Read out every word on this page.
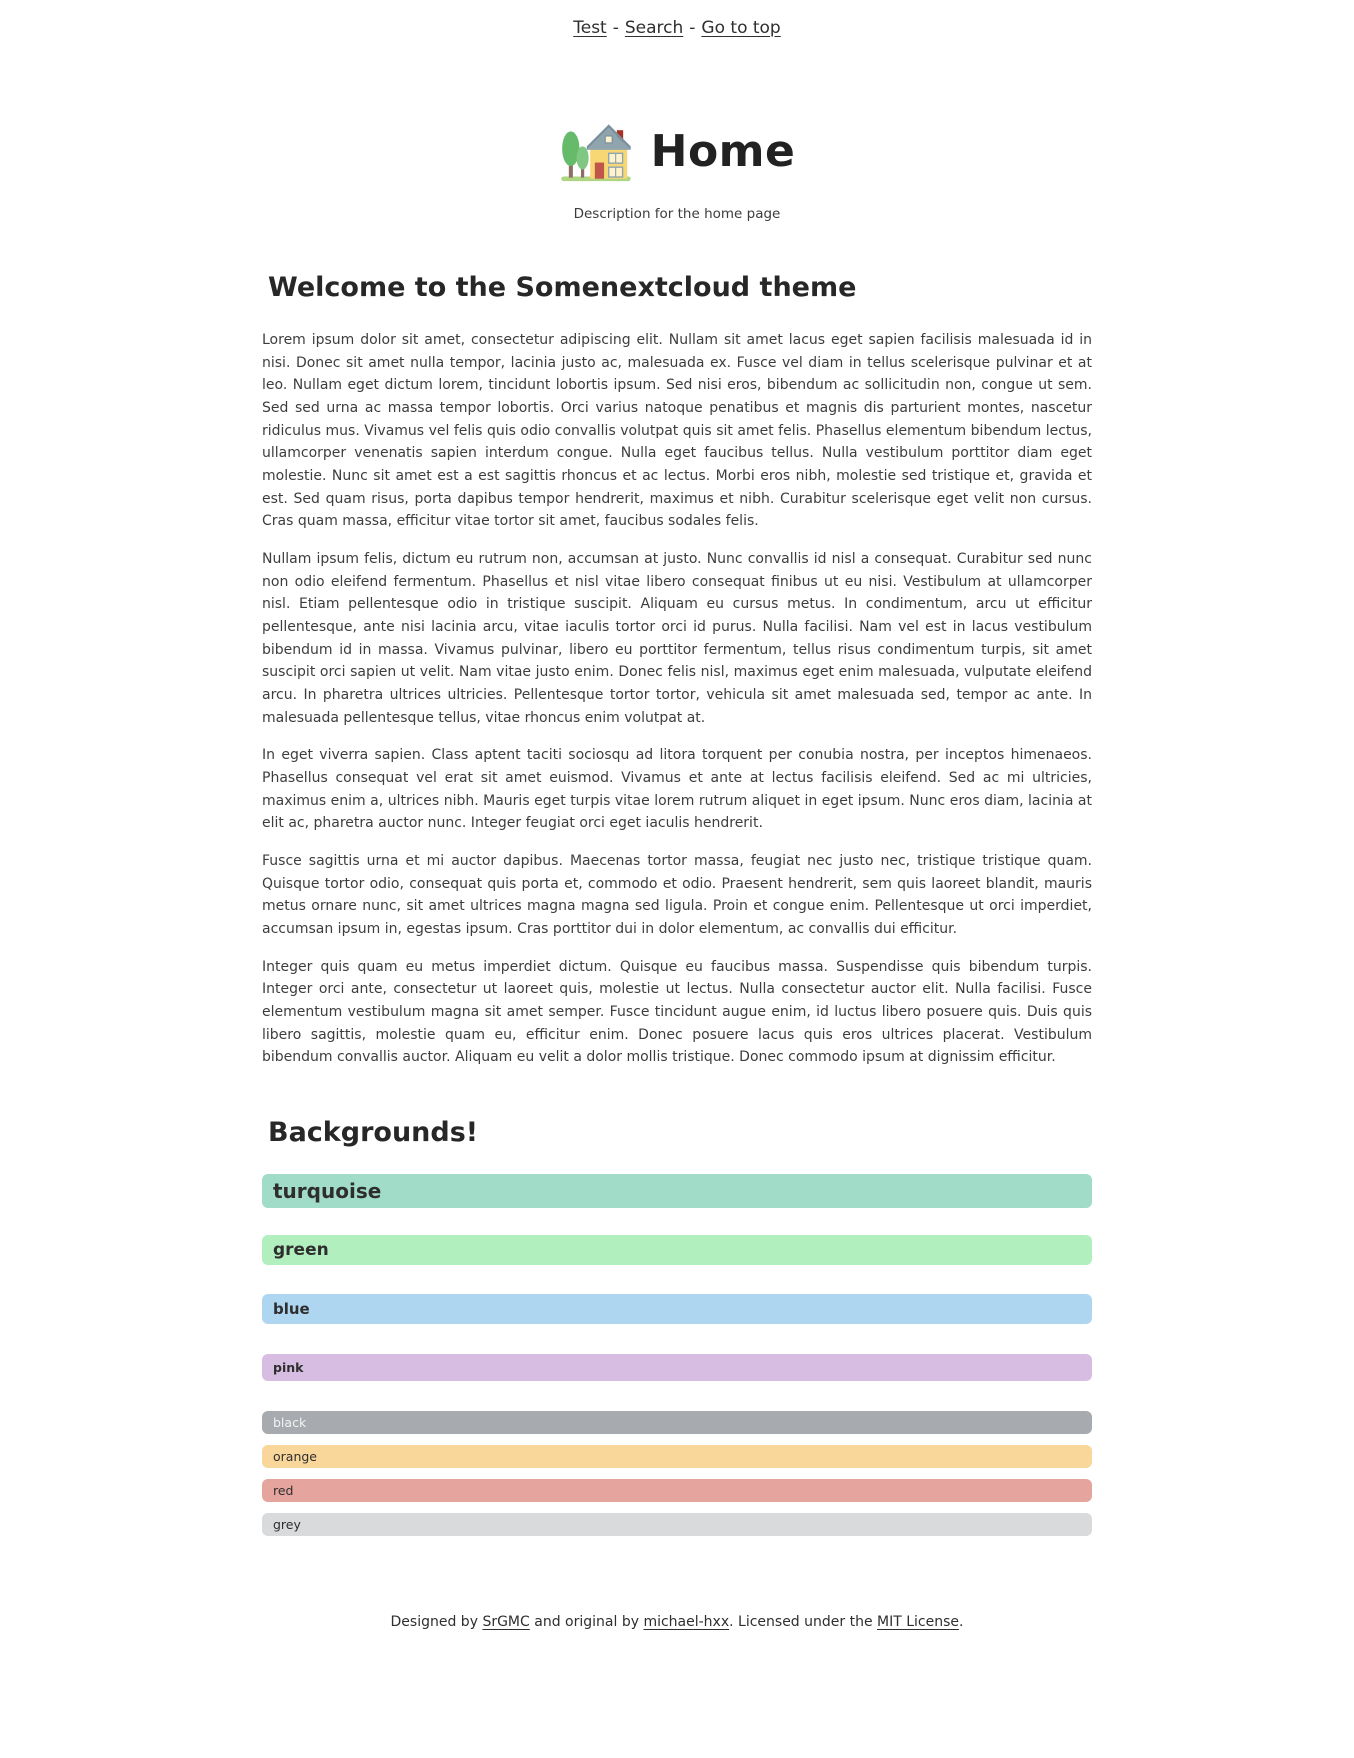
Test - Search - Go to top
Home

Description for the home page

Welcome to the Somenextcloud theme

Lorem ipsum dolor sit amet, consectetur adipiscing elit. Nullam sit amet lacus eget sapien facilisis malesuada id in nisi. Donec sit amet nulla tempor, lacinia justo ac, malesuada ex. Fusce vel diam in tellus scelerisque pulvinar et at leo. Nullam eget dictum lorem, tincidunt lobortis ipsum. Sed nisi eros, bibendum ac sollicitudin non, congue ut sem. Sed sed urna ac massa tempor lobortis. Orci varius natoque penatibus et magnis dis parturient montes, nascetur ridiculus mus. Vivamus vel felis quis odio convallis volutpat quis sit amet felis. Phasellus elementum bibendum lectus, ullamcorper venenatis sapien interdum congue. Nulla eget faucibus tellus. Nulla vestibulum porttitor diam eget molestie. Nunc sit amet est a est sagittis rhoncus et ac lectus. Morbi eros nibh, molestie sed tristique et, gravida et est. Sed quam risus, porta dapibus tempor hendrerit, maximus et nibh. Curabitur scelerisque eget velit non cursus. Cras quam massa, efficitur vitae tortor sit amet, faucibus sodales felis.

Nullam ipsum felis, dictum eu rutrum non, accumsan at justo. Nunc convallis id nisl a consequat. Curabitur sed nunc non odio eleifend fermentum. Phasellus et nisl vitae libero consequat finibus ut eu nisi. Vestibulum at ullamcorper nisl. Etiam pellentesque odio in tristique suscipit. Aliquam eu cursus metus. In condimentum, arcu ut efficitur pellentesque, ante nisi lacinia arcu, vitae iaculis tortor orci id purus. Nulla facilisi. Nam vel est in lacus vestibulum bibendum id in massa. Vivamus pulvinar, libero eu porttitor fermentum, tellus risus condimentum turpis, sit amet suscipit orci sapien ut velit. Nam vitae justo enim. Donec felis nisl, maximus eget enim malesuada, vulputate eleifend arcu. In pharetra ultrices ultricies. Pellentesque tortor tortor, vehicula sit amet malesuada sed, tempor ac ante. In malesuada pellentesque tellus, vitae rhoncus enim volutpat at.

In eget viverra sapien. Class aptent taciti sociosqu ad litora torquent per conubia nostra, per inceptos himenaeos. Phasellus consequat vel erat sit amet euismod. Vivamus et ante at lectus facilisis eleifend. Sed ac mi ultricies, maximus enim a, ultrices nibh. Mauris eget turpis vitae lorem rutrum aliquet in eget ipsum. Nunc eros diam, lacinia at elit ac, pharetra auctor nunc. Integer feugiat orci eget iaculis hendrerit.

Fusce sagittis urna et mi auctor dapibus. Maecenas tortor massa, feugiat nec justo nec, tristique tristique quam. Quisque tortor odio, consequat quis porta et, commodo et odio. Praesent hendrerit, sem quis laoreet blandit, mauris metus ornare nunc, sit amet ultrices magna magna sed ligula. Proin et congue enim. Pellentesque ut orci imperdiet, accumsan ipsum in, egestas ipsum. Cras porttitor dui in dolor elementum, ac convallis dui efficitur.

Integer quis quam eu metus imperdiet dictum. Quisque eu faucibus massa. Suspendisse quis bibendum turpis. Integer orci ante, consectetur ut laoreet quis, molestie ut lectus. Nulla consectetur auctor elit. Nulla facilisi. Fusce elementum vestibulum magna sit amet semper. Fusce tincidunt augue enim, id luctus libero posuere quis. Duis quis libero sagittis, molestie quam eu, efficitur enim. Donec posuere lacus quis eros ultrices placerat. Vestibulum bibendum convallis auctor. Aliquam eu velit a dolor mollis tristique. Donec commodo ipsum at dignissim efficitur.

Backgrounds!
turquoise
green
blue
pink

black

orange

red

grey

Designed by SrGMC and original by michael-hxx. Licensed under the MIT License.
